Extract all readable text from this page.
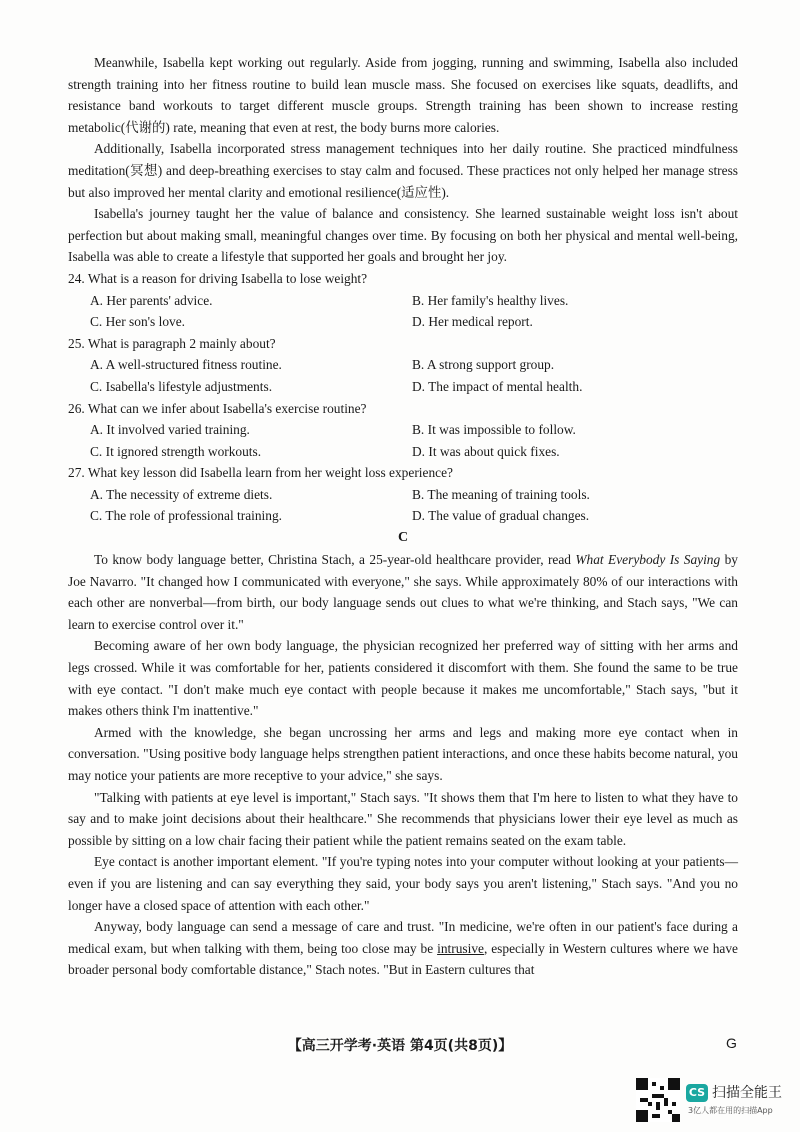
Meanwhile, Isabella kept working out regularly. Aside from jogging, running and swimming, Isabella also included strength training into her fitness routine to build lean muscle mass. She focused on exercises like squats, deadlifts, and resistance band workouts to target different muscle groups. Strength training has been shown to increase resting metabolic(代谢的) rate, meaning that even at rest, the body burns more calories.

Additionally, Isabella incorporated stress management techniques into her daily routine. She practiced mindfulness meditation(冥想) and deep-breathing exercises to stay calm and focused. These practices not only helped her manage stress but also improved her mental clarity and emotional resilience(适应性).

Isabella's journey taught her the value of balance and consistency. She learned sustainable weight loss isn't about perfection but about making small, meaningful changes over time. By focusing on both her physical and mental well-being, Isabella was able to create a lifestyle that supported her goals and brought her joy.

24. What is a reason for driving Isabella to lose weight?

A. Her parents' advice.	B. Her family's healthy lives.
C. Her son's love.	D. Her medical report.

25. What is paragraph 2 mainly about?

A. A well-structured fitness routine.	B. A strong support group.
C. Isabella's lifestyle adjustments.	D. The impact of mental health.

26. What can we infer about Isabella's exercise routine?

A. It involved varied training.	B. It was impossible to follow.
C. It ignored strength workouts.	D. It was about quick fixes.

27. What key lesson did Isabella learn from her weight loss experience?

A. The necessity of extreme diets.	B. The meaning of training tools.
C. The role of professional training.	D. The value of gradual changes.

C

To know body language better, Christina Stach, a 25-year-old healthcare provider, read What Everybody Is Saying by Joe Navarro. "It changed how I communicated with everyone," she says. While approximately 80% of our interactions with each other are nonverbal—from birth, our body language sends out clues to what we're thinking, and Stach says, "We can learn to exercise control over it."

Becoming aware of her own body language, the physician recognized her preferred way of sitting with her arms and legs crossed. While it was comfortable for her, patients considered it discomfort with them. She found the same to be true with eye contact. "I don't make much eye contact with people because it makes me uncomfortable," Stach says, "but it makes others think I'm inattentive."

Armed with the knowledge, she began uncrossing her arms and legs and making more eye contact when in conversation. "Using positive body language helps strengthen patient interactions, and once these habits become natural, you may notice your patients are more receptive to your advice," she says.

"Talking with patients at eye level is important," Stach says. "It shows them that I'm here to listen to what they have to say and to make joint decisions about their healthcare." She recommends that physicians lower their eye level as much as possible by sitting on a low chair facing their patient while the patient remains seated on the exam table.

Eye contact is another important element. "If you're typing notes into your computer without looking at your patients—even if you are listening and can say everything they said, your body says you aren't listening," Stach says. "And you no longer have a closed space of attention with each other."

Anyway, body language can send a message of care and trust. "In medicine, we're often in our patient's face during a medical exam, but when talking with them, being too close may be intrusive, especially in Western cultures where we have broader personal body comfortable distance," Stach notes. "But in Eastern cultures that

【高三开学考·英语 第4页(共8页)】	G
CS 扫描全能王
3亿人都在用的扫描App
